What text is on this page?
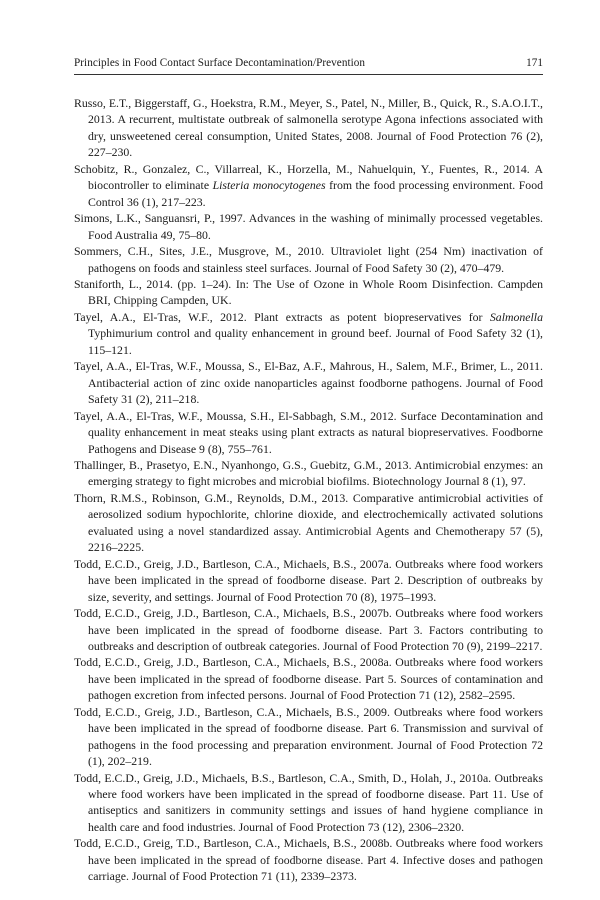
Principles in Food Contact Surface Decontamination/Prevention	171

Russo, E.T., Biggerstaff, G., Hoekstra, R.M., Meyer, S., Patel, N., Miller, B., Quick, R., S.A.O.I.T., 2013. A recurrent, multistate outbreak of salmonella serotype Agona infections associated with dry, unsweetened cereal consumption, United States, 2008. Journal of Food Protection 76 (2), 227–230.

Schobitz, R., Gonzalez, C., Villarreal, K., Horzella, M., Nahuelquin, Y., Fuentes, R., 2014. A biocontroller to eliminate Listeria monocytogenes from the food processing environment. Food Control 36 (1), 217–223.

Simons, L.K., Sanguansri, P., 1997. Advances in the washing of minimally processed vegetables. Food Australia 49, 75–80.

Sommers, C.H., Sites, J.E., Musgrove, M., 2010. Ultraviolet light (254 Nm) inactivation of pathogens on foods and stainless steel surfaces. Journal of Food Safety 30 (2), 470–479.

Staniforth, L., 2014. (pp. 1–24). In: The Use of Ozone in Whole Room Disinfection. Campden BRI, Chipping Campden, UK.

Tayel, A.A., El-Tras, W.F., 2012. Plant extracts as potent biopreservatives for Salmonella Typhimurium control and quality enhancement in ground beef. Journal of Food Safety 32 (1), 115–121.

Tayel, A.A., El-Tras, W.F., Moussa, S., El-Baz, A.F., Mahrous, H., Salem, M.F., Brimer, L., 2011. Antibacterial action of zinc oxide nanoparticles against foodborne pathogens. Journal of Food Safety 31 (2), 211–218.

Tayel, A.A., El-Tras, W.F., Moussa, S.H., El-Sabbagh, S.M., 2012. Surface Decontamination and quality enhancement in meat steaks using plant extracts as natural biopreservatives. Foodborne Pathogens and Disease 9 (8), 755–761.

Thallinger, B., Prasetyo, E.N., Nyanhongo, G.S., Guebitz, G.M., 2013. Antimicrobial enzymes: an emerging strategy to fight microbes and microbial biofilms. Biotechnology Journal 8 (1), 97.

Thorn, R.M.S., Robinson, G.M., Reynolds, D.M., 2013. Comparative antimicrobial activities of aerosolized sodium hypochlorite, chlorine dioxide, and electrochemically activated solutions evaluated using a novel standardized assay. Antimicrobial Agents and Chemotherapy 57 (5), 2216–2225.

Todd, E.C.D., Greig, J.D., Bartleson, C.A., Michaels, B.S., 2007a. Outbreaks where food workers have been implicated in the spread of foodborne disease. Part 2. Description of outbreaks by size, severity, and settings. Journal of Food Protection 70 (8), 1975–1993.

Todd, E.C.D., Greig, J.D., Bartleson, C.A., Michaels, B.S., 2007b. Outbreaks where food workers have been implicated in the spread of foodborne disease. Part 3. Factors contributing to outbreaks and description of outbreak categories. Journal of Food Protection 70 (9), 2199–2217.

Todd, E.C.D., Greig, J.D., Bartleson, C.A., Michaels, B.S., 2008a. Outbreaks where food workers have been implicated in the spread of foodborne disease. Part 5. Sources of contamination and pathogen excretion from infected persons. Journal of Food Protection 71 (12), 2582–2595.

Todd, E.C.D., Greig, J.D., Bartleson, C.A., Michaels, B.S., 2009. Outbreaks where food workers have been implicated in the spread of foodborne disease. Part 6. Transmission and survival of pathogens in the food processing and preparation environment. Journal of Food Protection 72 (1), 202–219.

Todd, E.C.D., Greig, J.D., Michaels, B.S., Bartleson, C.A., Smith, D., Holah, J., 2010a. Outbreaks where food workers have been implicated in the spread of foodborne disease. Part 11. Use of antiseptics and sanitizers in community settings and issues of hand hygiene compliance in health care and food industries. Journal of Food Protection 73 (12), 2306–2320.

Todd, E.C.D., Greig, T.D., Bartleson, C.A., Michaels, B.S., 2008b. Outbreaks where food workers have been implicated in the spread of foodborne disease. Part 4. Infective doses and pathogen carriage. Journal of Food Protection 71 (11), 2339–2373.
